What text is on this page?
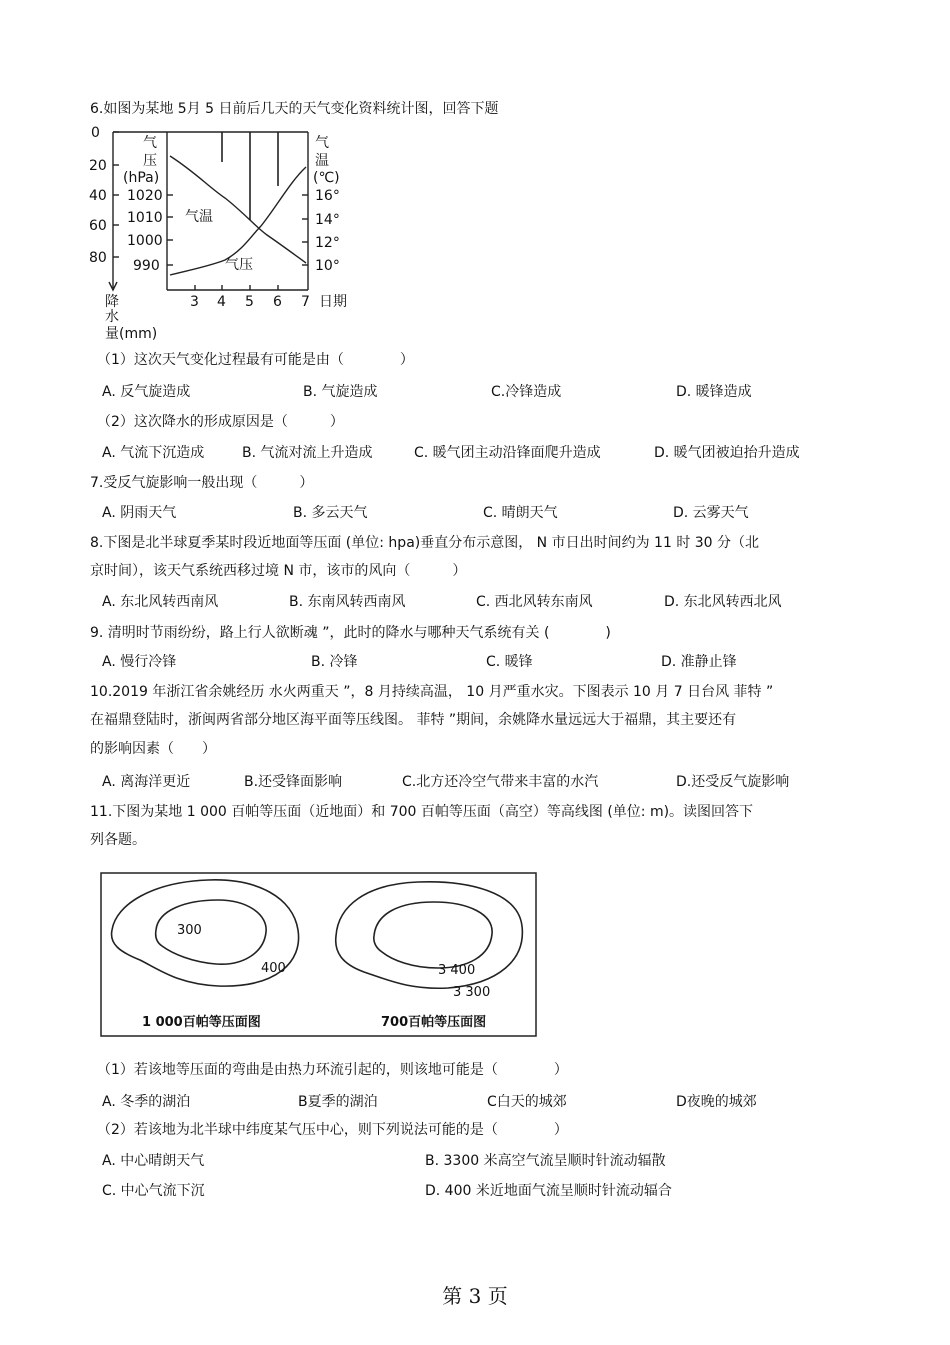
6.如图为某地 5月 5 日前后几天的天气变化资料统计图，回答下题
0
20
40
60
80
降
水
量(mm)
气
压
(hPa)
1020
1010
1000
990
气
温
(℃)
16°
14°
12°
10°
3 4 5 6 7 日期
气温
气压
（1）这次天气变化过程最有可能是由（　　　　）
A. 反气旋造成	B. 气旋造成	C.冷锋造成	D. 暖锋造成
（2）这次降水的形成原因是（　　　）
A. 气流下沉造成	B. 气流对流上升造成	C. 暖气团主动沿锋面爬升造成	D. 暖气团被迫抬升造成
7.受反气旋影响一般出现（　　　）
A. 阴雨天气	B. 多云天气	C. 晴朗天气	D. 云雾天气
8.下图是北半球夏季某时段近地面等压面 (单位: hpa)垂直分布示意图， N 市日出时间约为 11 时 30 分（北
京时间），该天气系统西移过境 N 市，该市的风向（　　　）
A. 东北风转西南风	B. 东南风转西南风	C. 西北风转东南风	D. 东北风转西北风
9. 清明时节雨纷纷，路上行人欲断魂 ”，此时的降水与哪种天气系统有关 (　　　　)
A. 慢行冷锋	B. 冷锋	C. 暖锋	D. 准静止锋
10.2019 年浙江省余姚经历 水火两重天 ”，8 月持续高温， 10 月严重水灾。下图表示 10 月 7 日台风 菲特 ”
在福鼎登陆时，浙闽两省部分地区海平面等压线图。 菲特 ”期间，余姚降水量远远大于福鼎，其主要还有
的影响因素（　　）
A. 离海洋更近	B.还受锋面影响	C.北方还冷空气带来丰富的水汽	D.还受反气旋影响
11.下图为某地 1 000 百帕等压面（近地面）和 700 百帕等压面（高空）等高线图 (单位: m)。读图回答下
列各题。
300
400	3 400
3 300
1 000百帕等压面图	700百帕等压面图
（1）若该地等压面的弯曲是由热力环流引起的，则该地可能是（　　　　）
A. 冬季的湖泊	B夏季的湖泊	C白天的城郊	D夜晚的城郊
（2）若该地为北半球中纬度某气压中心，则下列说法可能的是（　　　　）
A. 中心晴朗天气	B. 3300 米高空气流呈顺时针流动辐散
C. 中心气流下沉	D. 400 米近地面气流呈顺时针流动辐合
第 3 页
